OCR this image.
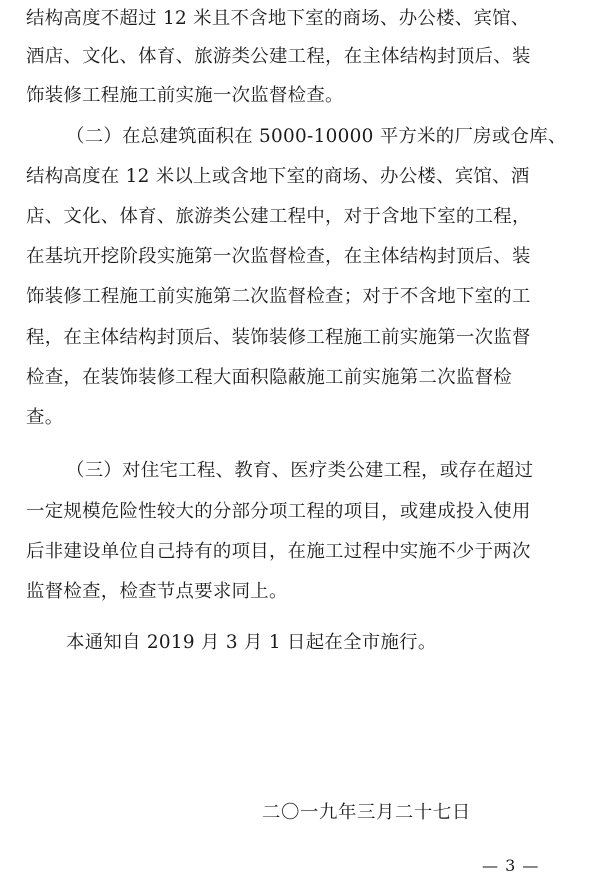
结构高度不超过 12 米且不含地下室的商场、办公楼、宾馆、
酒店、文化、体育、旅游类公建工程，在主体结构封顶后、装
饰装修工程施工前实施一次监督检查。
（二）在总建筑面积在 5000-10000 平方米的厂房或仓库、
结构高度在 12 米以上或含地下室的商场、办公楼、宾馆、酒
店、文化、体育、旅游类公建工程中，对于含地下室的工程，
在基坑开挖阶段实施第一次监督检查，在主体结构封顶后、装
饰装修工程施工前实施第二次监督检查；对于不含地下室的工
程，在主体结构封顶后、装饰装修工程施工前实施第一次监督
检查，在装饰装修工程大面积隐蔽施工前实施第二次监督检
查。
（三）对住宅工程、教育、医疗类公建工程，或存在超过
一定规模危险性较大的分部分项工程的项目，或建成投入使用
后非建设单位自己持有的项目，在施工过程中实施不少于两次
监督检查，检查节点要求同上。
本通知自 2019 月 3 月 1 日起在全市施行。
二〇一九年三月二十七日
— 3 —
